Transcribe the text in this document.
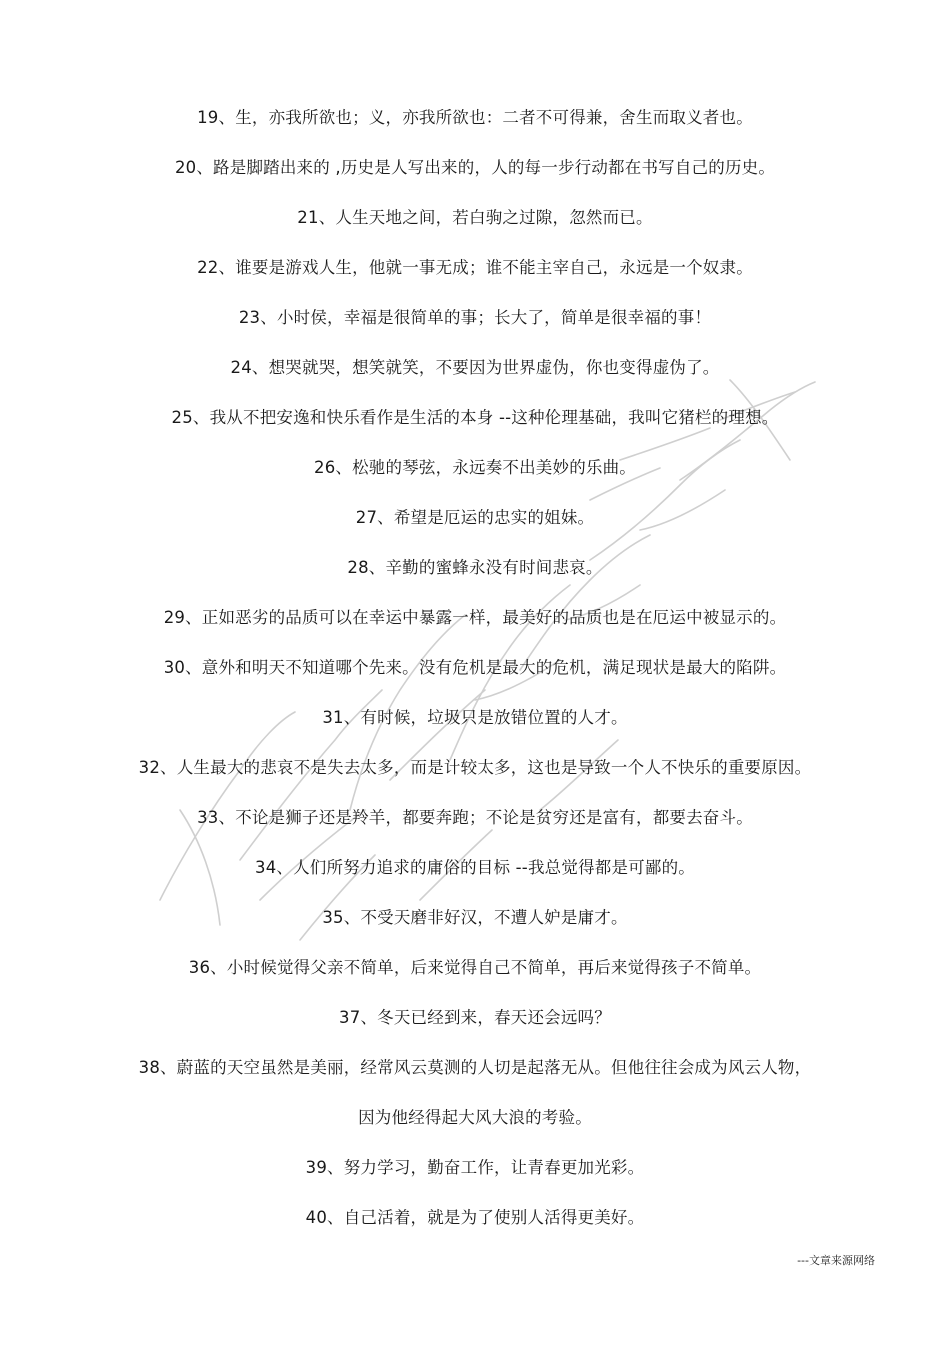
19、生，亦我所欲也；义，亦我所欲也：二者不可得兼，舍生而取义者也。
20、路是脚踏出来的 ,历史是人写出来的，人的每一步行动都在书写自己的历史。
21、人生天地之间，若白驹之过隙，忽然而已。
22、谁要是游戏人生，他就一事无成；谁不能主宰自己，永远是一个奴隶。
23、小时侯，幸福是很简单的事；长大了，简单是很幸福的事！
24、想哭就哭，想笑就笑，不要因为世界虚伪，你也变得虚伪了。
25、我从不把安逸和快乐看作是生活的本身 --这种伦理基础，我叫它猪栏的理想。
26、松驰的琴弦，永远奏不出美妙的乐曲。
27、希望是厄运的忠实的姐妹。
28、辛勤的蜜蜂永没有时间悲哀。
29、正如恶劣的品质可以在幸运中暴露一样，最美好的品质也是在厄运中被显示的。
30、意外和明天不知道哪个先来。没有危机是最大的危机，满足现状是最大的陷阱。
31、有时候，垃圾只是放错位置的人才。
32、人生最大的悲哀不是失去太多，而是计较太多，这也是导致一个人不快乐的重要原因。
33、不论是狮子还是羚羊，都要奔跑；不论是贫穷还是富有，都要去奋斗。
34、人们所努力追求的庸俗的目标 --我总觉得都是可鄙的。
35、不受天磨非好汉，不遭人妒是庸才。
36、小时候觉得父亲不简单，后来觉得自己不简单，再后来觉得孩子不简单。
37、冬天已经到来，春天还会远吗？
38、蔚蓝的天空虽然是美丽，经常风云莫测的人切是起落无从。但他往往会成为风云人物，
因为他经得起大风大浪的考验。
39、努力学习，勤奋工作，让青春更加光彩。
40、自己活着，就是为了使别人活得更美好。
---文章来源网络
